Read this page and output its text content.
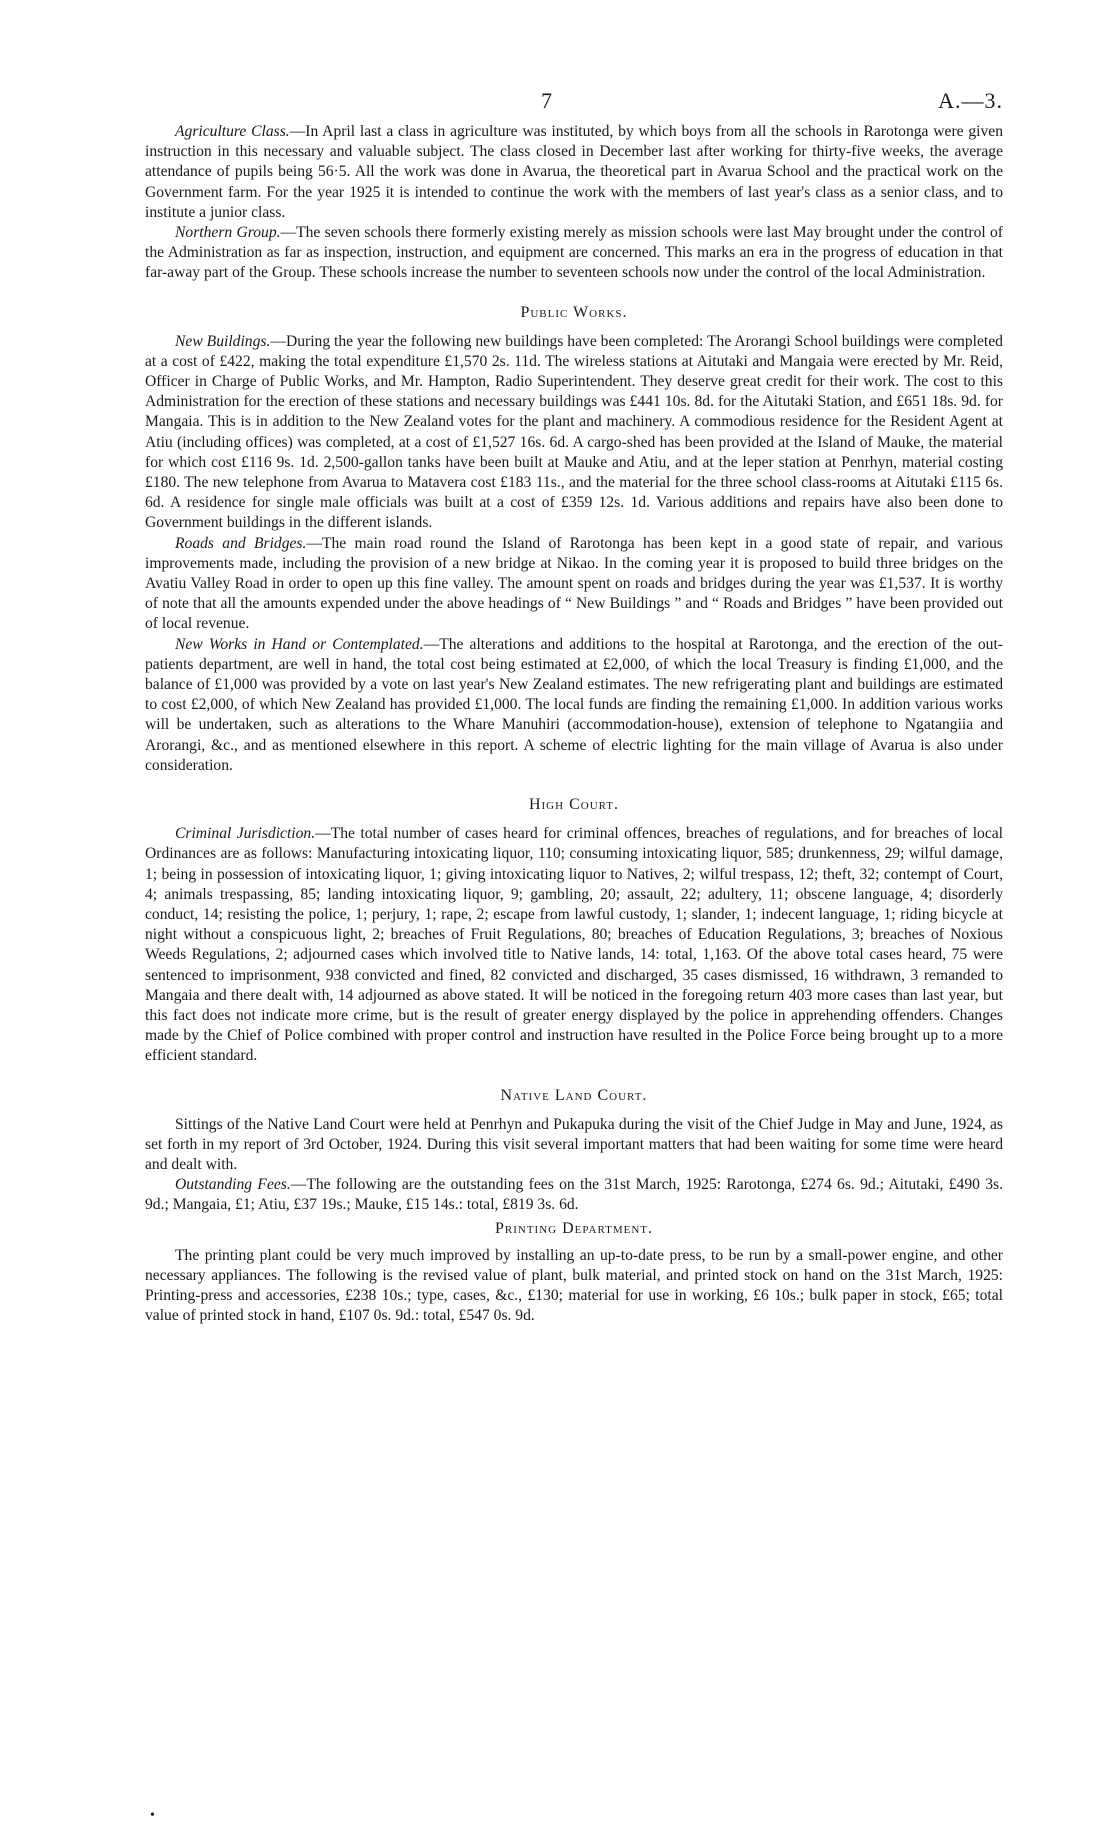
7	A.—3.

Agriculture Class.—In April last a class in agriculture was instituted, by which boys from all the schools in Rarotonga were given instruction in this necessary and valuable subject. The class closed in December last after working for thirty-five weeks, the average attendance of pupils being 56·5. All the work was done in Avarua, the theoretical part in Avarua School and the practical work on the Government farm. For the year 1925 it is intended to continue the work with the members of last year's class as a senior class, and to institute a junior class.

Northern Group.—The seven schools there formerly existing merely as mission schools were last May brought under the control of the Administration as far as inspection, instruction, and equipment are concerned. This marks an era in the progress of education in that far-away part of the Group. These schools increase the number to seventeen schools now under the control of the local Administration.

Public Works.

New Buildings.—During the year the following new buildings have been completed: The Arorangi School buildings were completed at a cost of £422, making the total expenditure £1,570 2s. 11d. The wireless stations at Aitutaki and Mangaia were erected by Mr. Reid, Officer in Charge of Public Works, and Mr. Hampton, Radio Superintendent. They deserve great credit for their work. The cost to this Administration for the erection of these stations and necessary buildings was £441 10s. 8d. for the Aitutaki Station, and £651 18s. 9d. for Mangaia. This is in addition to the New Zealand votes for the plant and machinery. A commodious residence for the Resident Agent at Atiu (including offices) was completed, at a cost of £1,527 16s. 6d. A cargo-shed has been provided at the Island of Mauke, the material for which cost £116 9s. 1d. 2,500-gallon tanks have been built at Mauke and Atiu, and at the leper station at Penrhyn, material costing £180. The new telephone from Avarua to Matavera cost £183 11s., and the material for the three school class-rooms at Aitutaki £115 6s. 6d. A residence for single male officials was built at a cost of £359 12s. 1d. Various additions and repairs have also been done to Government buildings in the different islands.

Roads and Bridges.—The main road round the Island of Rarotonga has been kept in a good state of repair, and various improvements made, including the provision of a new bridge at Nikao. In the coming year it is proposed to build three bridges on the Avatiu Valley Road in order to open up this fine valley. The amount spent on roads and bridges during the year was £1,537. It is worthy of note that all the amounts expended under the above headings of “ New Buildings ” and “ Roads and Bridges ” have been provided out of local revenue.

New Works in Hand or Contemplated.—The alterations and additions to the hospital at Rarotonga, and the erection of the out-patients department, are well in hand, the total cost being estimated at £2,000, of which the local Treasury is finding £1,000, and the balance of £1,000 was provided by a vote on last year's New Zealand estimates. The new refrigerating plant and buildings are estimated to cost £2,000, of which New Zealand has provided £1,000. The local funds are finding the remaining £1,000. In addition various works will be undertaken, such as alterations to the Whare Manuhiri (accommodation-house), extension of telephone to Ngatangiia and Arorangi, &c., and as mentioned elsewhere in this report. A scheme of electric lighting for the main village of Avarua is also under consideration.

High Court.

Criminal Jurisdiction.—The total number of cases heard for criminal offences, breaches of regulations, and for breaches of local Ordinances are as follows: Manufacturing intoxicating liquor, 110; consuming intoxicating liquor, 585; drunkenness, 29; wilful damage, 1; being in possession of intoxicating liquor, 1; giving intoxicating liquor to Natives, 2; wilful trespass, 12; theft, 32; contempt of Court, 4; animals trespassing, 85; landing intoxicating liquor, 9; gambling, 20; assault, 22; adultery, 11; obscene language, 4; disorderly conduct, 14; resisting the police, 1; perjury, 1; rape, 2; escape from lawful custody, 1; slander, 1; indecent language, 1; riding bicycle at night without a conspicuous light, 2; breaches of Fruit Regulations, 80; breaches of Education Regulations, 3; breaches of Noxious Weeds Regulations, 2; adjourned cases which involved title to Native lands, 14: total, 1,163. Of the above total cases heard, 75 were sentenced to imprisonment, 938 convicted and fined, 82 convicted and discharged, 35 cases dismissed, 16 withdrawn, 3 remanded to Mangaia and there dealt with, 14 adjourned as above stated. It will be noticed in the foregoing return 403 more cases than last year, but this fact does not indicate more crime, but is the result of greater energy displayed by the police in apprehending offenders. Changes made by the Chief of Police combined with proper control and instruction have resulted in the Police Force being brought up to a more efficient standard.

Native Land Court.

Sittings of the Native Land Court were held at Penrhyn and Pukapuka during the visit of the Chief Judge in May and June, 1924, as set forth in my report of 3rd October, 1924. During this visit several important matters that had been waiting for some time were heard and dealt with.

Outstanding Fees.—The following are the outstanding fees on the 31st March, 1925: Rarotonga, £274 6s. 9d.; Aitutaki, £490 3s. 9d.; Mangaia, £1; Atiu, £37 19s.; Mauke, £15 14s.: total, £819 3s. 6d.

Printing Department.

The printing plant could be very much improved by installing an up-to-date press, to be run by a small-power engine, and other necessary appliances. The following is the revised value of plant, bulk material, and printed stock on hand on the 31st March, 1925: Printing-press and accessories, £238 10s.; type, cases, &c., £130; material for use in working, £6 10s.; bulk paper in stock, £65; total value of printed stock in hand, £107 0s. 9d.: total, £547 0s. 9d.

•
